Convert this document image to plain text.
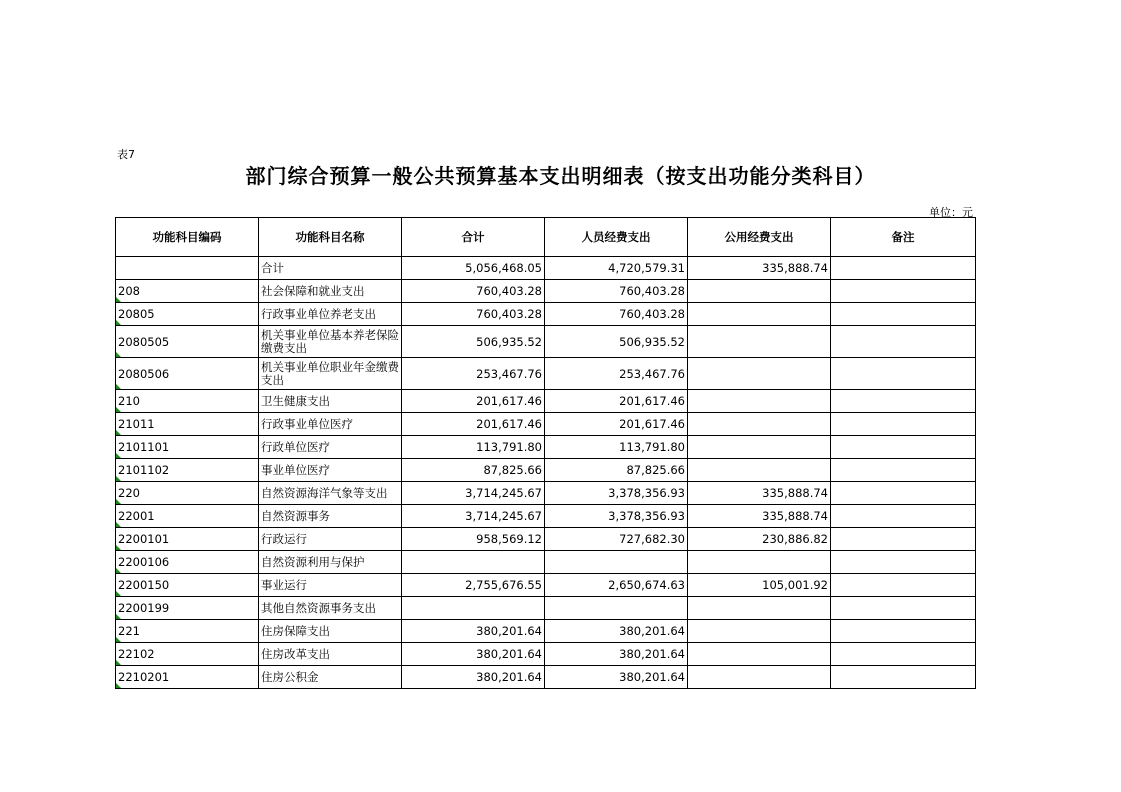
表7
部门综合预算一般公共预算基本支出明细表（按支出功能分类科目）
单位：元
功能科目编码	功能科目名称	合计	人员经费支出	公用经费支出	备注
	合计	5,056,468.05	4,720,579.31	335,888.74	
208	社会保障和就业支出	760,403.28	760,403.28		
20805	行政事业单位养老支出	760,403.28	760,403.28		
2080505	机关事业单位基本养老保险缴费支出	506,935.52	506,935.52		
2080506	机关事业单位职业年金缴费支出	253,467.76	253,467.76		
210	卫生健康支出	201,617.46	201,617.46		
21011	行政事业单位医疗	201,617.46	201,617.46		
2101101	行政单位医疗	113,791.80	113,791.80		
2101102	事业单位医疗	87,825.66	87,825.66		
220	自然资源海洋气象等支出	3,714,245.67	3,378,356.93	335,888.74	
22001	自然资源事务	3,714,245.67	3,378,356.93	335,888.74	
2200101	行政运行	958,569.12	727,682.30	230,886.82	
2200106	自然资源利用与保护				
2200150	事业运行	2,755,676.55	2,650,674.63	105,001.92	
2200199	其他自然资源事务支出				
221	住房保障支出	380,201.64	380,201.64		
22102	住房改革支出	380,201.64	380,201.64		
2210201	住房公积金	380,201.64	380,201.64		
